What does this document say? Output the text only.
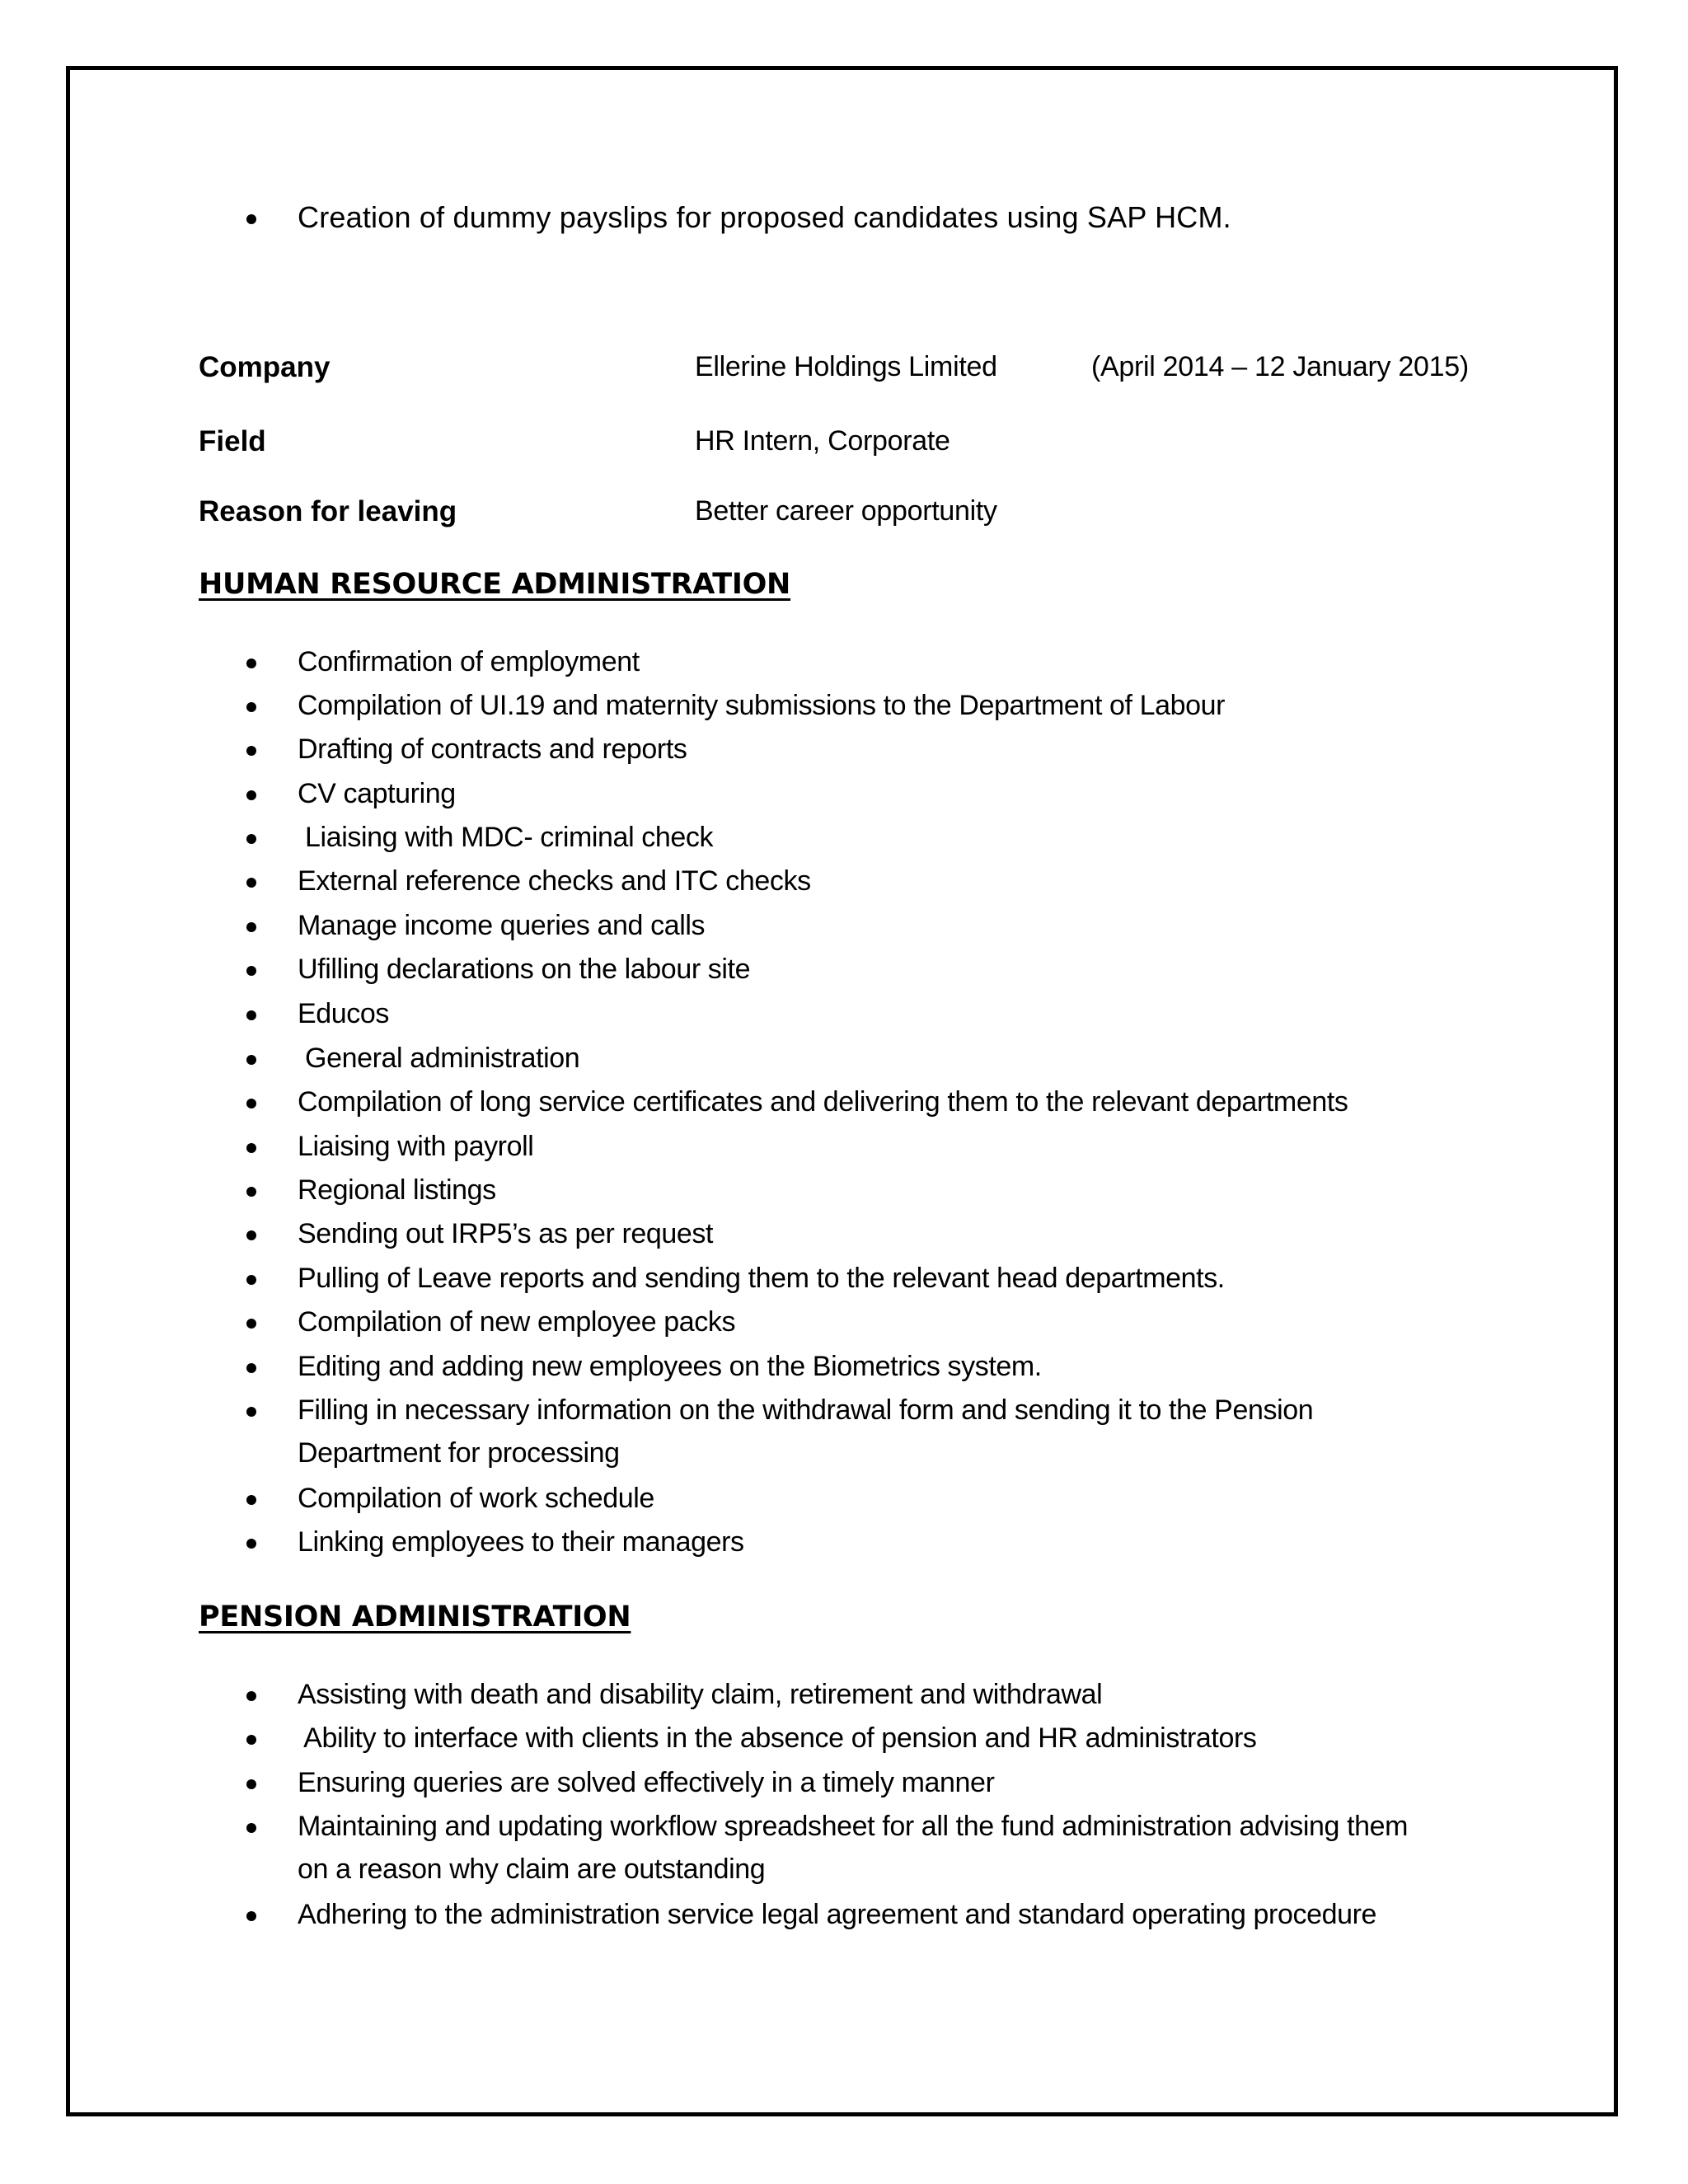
Creation of dummy payslips for proposed candidates using SAP HCM.
Company	Ellerine Holdings Limited	(April 2014 – 12 January 2015)
Field	HR Intern, Corporate
Reason for leaving	Better career opportunity
HUMAN RESOURCE ADMINISTRATION
Confirmation of employment
Compilation of UI.19 and maternity submissions to the Department of Labour
Drafting of contracts and reports
CV capturing
Liaising with MDC- criminal check
External reference checks and ITC checks
Manage income queries and calls
Ufilling declarations on the labour site
Educos
General administration
Compilation of long service certificates and delivering them to the relevant departments
Liaising with payroll
Regional listings
Sending out IRP5’s as per request
Pulling of Leave reports and sending them to the relevant head departments.
Compilation of new employee packs
Editing and adding new employees on the Biometrics system.
Filling in necessary information on the withdrawal form and sending it to the Pension
Department for processing
Compilation of work schedule
Linking employees to their managers
PENSION ADMINISTRATION
Assisting with death and disability claim, retirement and withdrawal
Ability to interface with clients in the absence of pension and HR administrators
Ensuring queries are solved effectively in a timely manner
Maintaining and updating workflow spreadsheet for all the fund administration advising them
on a reason why claim are outstanding
Adhering to the administration service legal agreement and standard operating procedure
